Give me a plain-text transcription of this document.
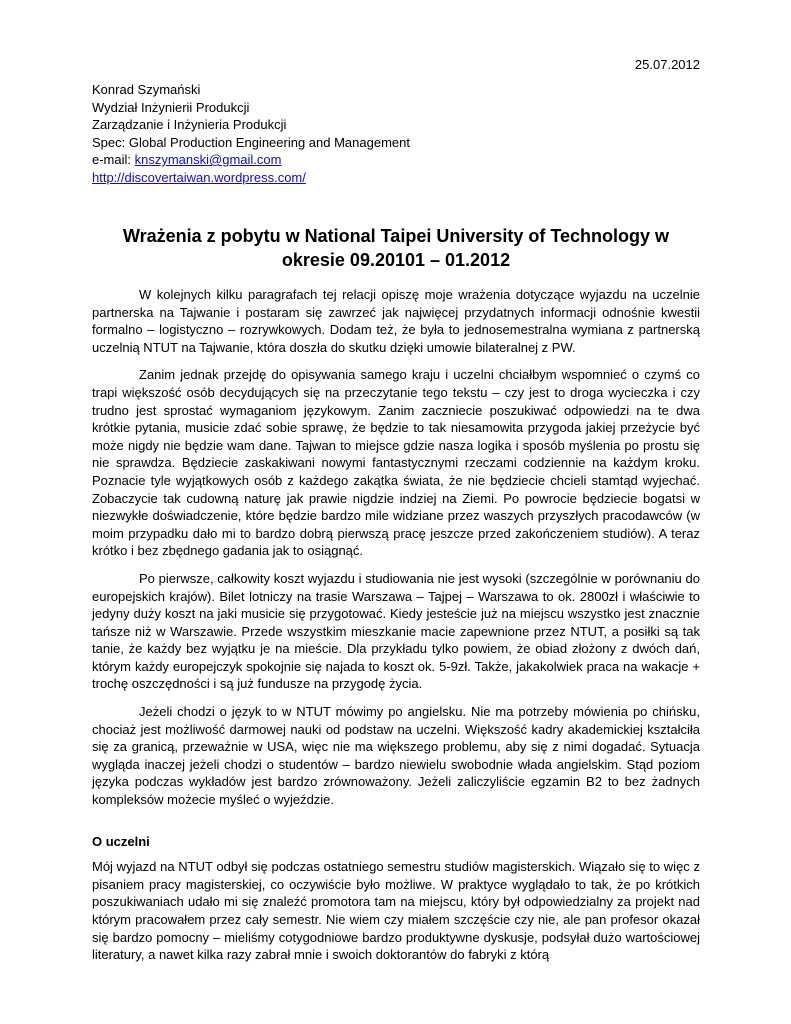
25.07.2012
Konrad Szymański
Wydział Inżynierii Produkcji
Zarządzanie i Inżynieria Produkcji
Spec: Global Production Engineering and Management
e-mail: knszymanski@gmail.com
http://discovertaiwan.wordpress.com/
Wrażenia z pobytu w National Taipei University of Technology w okresie 09.20101 – 01.2012

W kolejnych kilku paragrafach tej relacji opiszę moje wrażenia dotyczące wyjazdu na uczelnie partnerska na Tajwanie i postaram się zawrzeć jak najwięcej przydatnych informacji odnośnie kwestii formalno – logistyczno – rozrywkowych. Dodam też, że była to jednosemestralna wymiana z partnerską uczelnią NTUT na Tajwanie, która doszła do skutku dzięki umowie bilateralnej z PW.

Zanim jednak przejdę do opisywania samego kraju i uczelni chciałbym wspomnieć o czymś co trapi większość osób decydujących się na przeczytanie tego tekstu – czy jest to droga wycieczka i czy trudno jest sprostać wymaganiom językowym. Zanim zaczniecie poszukiwać odpowiedzi na te dwa krótkie pytania, musicie zdać sobie sprawę, że będzie to tak niesamowita przygoda jakiej przeżycie być może nigdy nie będzie wam dane. Tajwan to miejsce gdzie nasza logika i sposób myślenia po prostu się nie sprawdza. Będziecie zaskakiwani nowymi fantastycznymi rzeczami codziennie na każdym kroku. Poznacie tyle wyjątkowych osób z każdego zakątka świata, że nie będziecie chcieli stamtąd wyjechać. Zobaczycie tak cudowną naturę jak prawie nigdzie indziej na Ziemi. Po powrocie będziecie bogatsi w niezwykłe doświadczenie, które będzie bardzo mile widziane przez waszych przyszłych pracodawców (w moim przypadku dało mi to bardzo dobrą pierwszą pracę jeszcze przed zakończeniem studiów). A teraz krótko i bez zbędnego gadania jak to osiągnąć.

Po pierwsze, całkowity koszt wyjazdu i studiowania nie jest wysoki (szczególnie w porównaniu do europejskich krajów). Bilet lotniczy na trasie Warszawa – Tajpej – Warszawa to ok. 2800zł i właściwie to jedyny duży koszt na jaki musicie się przygotować. Kiedy jesteście już na miejscu wszystko jest znacznie tańsze niż w Warszawie. Przede wszystkim mieszkanie macie zapewnione przez NTUT, a posiłki są tak tanie, że każdy bez wyjątku je na mieście. Dla przykładu tylko powiem, że obiad złożony z dwóch dań, którym każdy europejczyk spokojnie się najada to koszt ok. 5-9zł. Także, jakakolwiek praca na wakacje + trochę oszczędności i są już fundusze na przygodę życia.

Jeżeli chodzi o język to w NTUT mówimy po angielsku. Nie ma potrzeby mówienia po chińsku, chociaż jest możliwość darmowej nauki od podstaw na uczelni. Większość kadry akademickiej kształciła się za granicą, przeważnie w USA, więc nie ma większego problemu, aby się z nimi dogadać. Sytuacja wygląda inaczej jeżeli chodzi o studentów – bardzo niewielu swobodnie włada angielskim. Stąd poziom języka podczas wykładów jest bardzo zrównoważony. Jeżeli zaliczyliście egzamin B2 to bez żadnych kompleksów możecie myśleć o wyjeździe.

O uczelni

Mój wyjazd na NTUT odbył się podczas ostatniego semestru studiów magisterskich. Wiązało się to więc z pisaniem pracy magisterskiej, co oczywiście było możliwe. W praktyce wyglądało to tak, że po krótkich poszukiwaniach udało mi się znaleźć promotora tam na miejscu, który był odpowiedzialny za projekt nad którym pracowałem przez cały semestr. Nie wiem czy miałem szczęście czy nie, ale pan profesor okazał się bardzo pomocny – mieliśmy cotygodniowe bardzo produktywne dyskusje, podsyłał dużo wartościowej literatury, a nawet kilka razy zabrał mnie i swoich doktorantów do fabryki z którą
